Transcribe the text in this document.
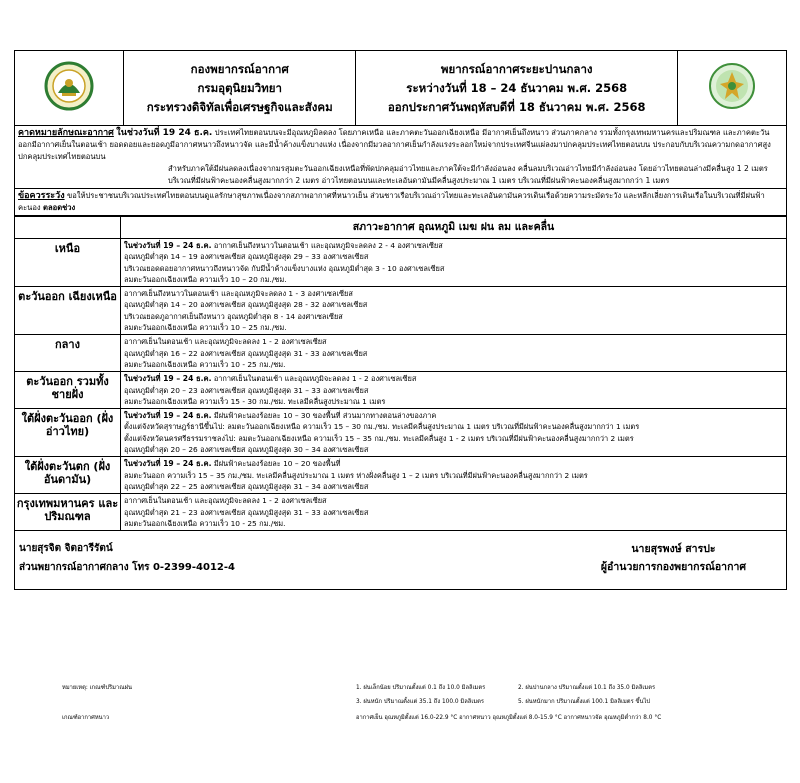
กองพยากรณ์อากาศ
กรมอุตุนิยมวิทยา
กระทรวงดิจิทัลเพื่อเศรษฐกิจและสังคม

พยากรณ์อากาศระยะปานกลาง
ระหว่างวันที่ 18 – 24 ธันวาคม พ.ศ. 2568
ออกประกาศวันพฤหัสบดีที่ 18 ธันวาคม พ.ศ. 2568

คาดหมายลักษณะอากาศ ในช่วงวันที่ 19 24 ธ.ค. ประเทศไทยตอนบนจะมีอุณหภูมิลดลง โดยภาคเหนือ และภาคตะวันออกเฉียงเหนือ มีอากาศเย็นถึงหนาว ส่วนภาคกลาง รวมทั้งกรุงเทพมหานครและปริมณฑล และภาคตะวันออกมีอากาศเย็นในตอนเช้า ยอดดอยและยอดภูมีอากาศหนาวถึงหนาวจัด และมีน้ำค้างแข็งบางแห่ง เนื่องจากมีมวลอากาศเย็นกำลังแรงระลอกใหม่จากประเทศจีนแผ่ลงมาปกคลุมประเทศไทยตอนบน ประกอบกับบริเวณความกดอากาศสูงปกคลุมประเทศไทยตอนบน
สำหรับภาคใต้มีฝนลดลงเนื่องจากมรสุมตะวันออกเฉียงเหนือที่พัดปกคลุมอ่าวไทยและภาคใต้จะมีกำลังอ่อนลง คลื่นลมบริเวณอ่าวไทยมีกำลังอ่อนลง โดยอ่าวไทยตอนล่างมีคลื่นสูง 1 2 เมตร บริเวณที่มีฝนฟ้าคะนองคลื่นสูงมากกว่า 2 เมตร อ่าวไทยตอนบนและทะเลอันดามันมีคลื่นสูงประมาณ 1 เมตร บริเวณที่มีฝนฟ้าคะนองคลื่นสูงมากกว่า 1 เมตร
ข้อควรระวัง ขอให้ประชาชนบริเวณประเทศไทยตอนบนดูแลรักษาสุขภาพเนื่องจากสภาพอากาศที่หนาวเย็น ส่วนชาวเรือบริเวณอ่าวไทยและทะเลอันดามันควรเดินเรือด้วยความระมัดระวัง และหลีกเลี่ยงการเดินเรือในบริเวณที่มีฝนฟ้าคะนอง ตลอดช่วง
	สภาวะอากาศ อุณหภูมิ เมฆ ฝน ลม และคลื่น
เหนือ	ในช่วงวันที่ 19 – 24 ธ.ค. อากาศเย็นถึงหนาวในตอนเช้า และอุณหภูมิจะลดลง 2 - 4 องศาเซลเซียส
อุณหภูมิต่ำสุด 14 – 19 องศาเซลเซียส อุณหภูมิสูงสุด 29 – 33 องศาเซลเซียส
บริเวณยอดดอยอากาศหนาวถึงหนาวจัด กับมีน้ำค้างแข็งบางแห่ง อุณหภูมิต่ำสุด 3 - 10 องศาเซลเซียส
ลมตะวันออกเฉียงเหนือ ความเร็ว 10 – 20 กม./ชม.

ตะวันออก เฉียงเหนือ	อากาศเย็นถึงหนาวในตอนเช้า และอุณหภูมิจะลดลง 1 - 3 องศาเซลเซียส
อุณหภูมิต่ำสุด 14 – 20 องศาเซลเซียส อุณหภูมิสูงสุด 28 - 32 องศาเซลเซียส
บริเวณยอดภูอากาศเย็นถึงหนาว อุณหภูมิต่ำสุด 8 - 14 องศาเซลเซียส
ลมตะวันออกเฉียงเหนือ ความเร็ว 10 – 25 กม./ชม.

กลาง	อากาศเย็นในตอนเช้า และอุณหภูมิจะลดลง 1 - 2 องศาเซลเซียส
อุณหภูมิต่ำสุด 16 – 22 องศาเซลเซียส อุณหภูมิสูงสุด 31 - 33 องศาเซลเซียส
ลมตะวันออกเฉียงเหนือ ความเร็ว 10 - 25 กม./ชม.

ตะวันออก รวมทั้งชายฝั่ง	ในช่วงวันที่ 19 – 24 ธ.ค. อากาศเย็นในตอนเช้า และอุณหภูมิจะลดลง 1 - 2 องศาเซลเซียส
อุณหภูมิต่ำสุด 20 – 23 องศาเซลเซียส อุณหภูมิสูงสุด 31 – 33 องศาเซลเซียส
ลมตะวันออกเฉียงเหนือ ความเร็ว 15 - 30 กม./ชม. ทะเลมีคลื่นสูงประมาณ 1 เมตร

ใต้ฝั่งตะวันออก (ฝั่งอ่าวไทย)	ในช่วงวันที่ 19 – 24 ธ.ค. มีฝนฟ้าคะนองร้อยละ 10 – 30 ของพื้นที่ ส่วนมากทางตอนล่างของภาค
ตั้งแต่จังหวัดสุราษฎร์ธานีขึ้นไป: ลมตะวันออกเฉียงเหนือ ความเร็ว 15 – 30 กม./ชม. ทะเลมีคลื่นสูงประมาณ 1 เมตร บริเวณที่มีฝนฟ้าคะนองคลื่นสูงมากกว่า 1 เมตร
ตั้งแต่จังหวัดนครศรีธรรมราชลงไป: ลมตะวันออกเฉียงเหนือ ความเร็ว 15 – 35 กม./ชม. ทะเลมีคลื่นสูง 1 - 2 เมตร บริเวณที่มีฝนฟ้าคะนองคลื่นสูงมากกว่า 2 เมตร
อุณหภูมิต่ำสุด 20 – 26 องศาเซลเซียส อุณหภูมิสูงสุด 30 – 34 องศาเซลเซียส

ใต้ฝั่งตะวันตก (ฝั่งอันดามัน)	ในช่วงวันที่ 19 – 24 ธ.ค. มีฝนฟ้าคะนองร้อยละ 10 – 20 ของพื้นที่
ลมตะวันออก ความเร็ว 15 – 35 กม./ชม. ทะเลมีคลื่นสูงประมาณ 1 เมตร ห่างฝั่งคลื่นสูง 1 – 2 เมตร บริเวณที่มีฝนฟ้าคะนองคลื่นสูงมากกว่า 2 เมตร
อุณหภูมิต่ำสุด 22 – 25 องศาเซลเซียส อุณหภูมิสูงสุด 31 – 34 องศาเซลเซียส

กรุงเทพมหานคร และปริมณฑล	อากาศเย็นในตอนเช้า และอุณหภูมิจะลดลง 1 - 2 องศาเซลเซียส
อุณหภูมิต่ำสุด 21 – 23 องศาเซลเซียส อุณหภูมิสูงสุด 31 – 33 องศาเซลเซียส
ลมตะวันออกเฉียงเหนือ ความเร็ว 10 - 25 กม./ชม.
นายสุรจิต จิตอารีรัตน์
ส่วนพยากรณ์อากาศกลาง โทร 0-2399-4012-4
นายสุรพงษ์ สารปะ
ผู้อำนวยการกองพยากรณ์อากาศ
หมายเหตุ: เกณฑ์ปริมาณฝน	1. ฝนเล็กน้อย ปริมาณตั้งแต่ 0.1 ถึง 10.0 มิลลิเมตร	2. ฝนปานกลาง ปริมาณตั้งแต่ 10.1 ถึง 35.0 มิลลิเมตร
3. ฝนหนัก ปริมาณตั้งแต่ 35.1 ถึง 100.0 มิลลิเมตร	5. ฝนหนักมาก ปริมาณตั้งแต่ 100.1 มิลลิเมตร ขึ้นไป
เกณฑ์อากาศหนาว	อากาศเย็น อุณหภูมิตั้งแต่ 16.0-22.9 °C อากาศหนาว อุณหภูมิตั้งแต่ 8.0-15.9 °C อากาศหนาวจัด อุณหภูมิต่ำกว่า 8.0 °C
